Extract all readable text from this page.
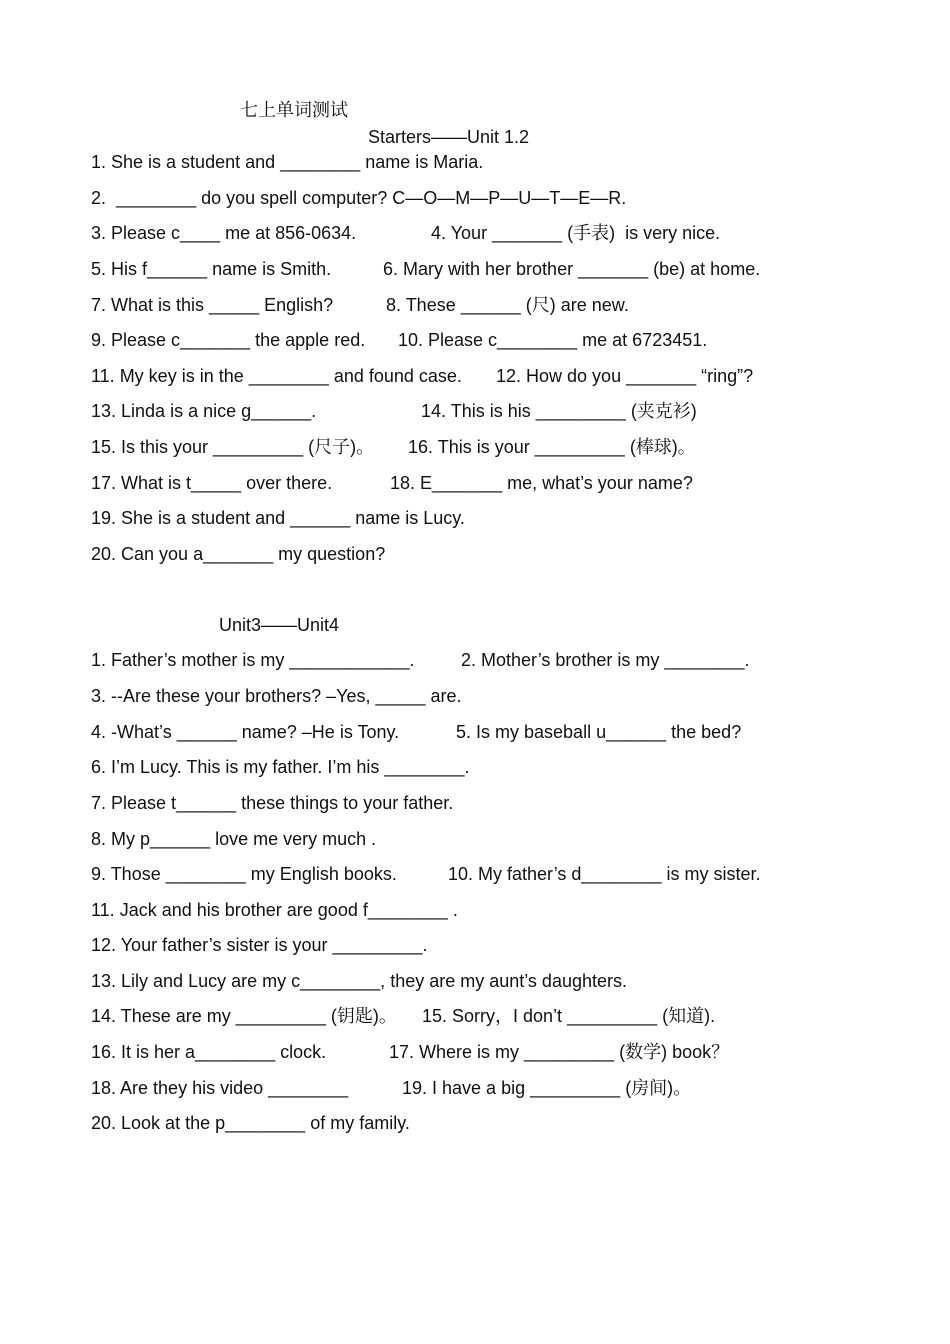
七上单词测试
Starters——Unit 1.2

1. She is a student and ________ name is Maria.

2.  ________ do you spell computer? C—O—M—P—U—T—E—R.

3. Please c____ me at 856-0634.

	4. Your _______ (手表)  is very nice.

5. His f______ name is Smith.

	6. Mary with her brother _______ (be) at home.

7. What is this _____ English?

	8. These ______ (尺) are new.

9. Please c_______ the apple red.

10. Please c________ me at 6723451.

11. My key is in the ________ and found case.

12. How do you _______ “ring”?

13. Linda is a nice g______.

	14. This is his _________ (夹克衫)

15. Is this your _________ (尺子)。

16. This is your _________ (棒球)。

17. What is t_____ over there.

	18. E_______ me, what’s your name?

19. She is a student and ______ name is Lucy.

20. Can you a_______ my question?

Unit3——Unit4

1. Father’s mother is my ____________.

	2. Mother’s brother is my ________.

3. --Are these your brothers? –Yes, _____ are.

4. -What’s ______ name? –He is Tony.

	5. Is my baseball u______ the bed?

6. I’m Lucy. This is my father. I’m his ________.

7. Please t______ these things to your father.

8. My p______ love me very much .

9. Those ________ my English books.

	10. My father’s d________ is my sister.

11. Jack and his brother are good f________ .

12. Your father’s sister is your _________.

13. Lily and Lucy are my c________, they are my aunt’s daughters.

14. These are my _________ (钥匙)。

15. Sorry，I don’t _________ (知道).

16. It is her a________ clock.

	17. Where is my _________ (数学) book？

18. Are they his video ________

	19. I have a big _________ (房间)。

20. Look at the p________ of my family.
